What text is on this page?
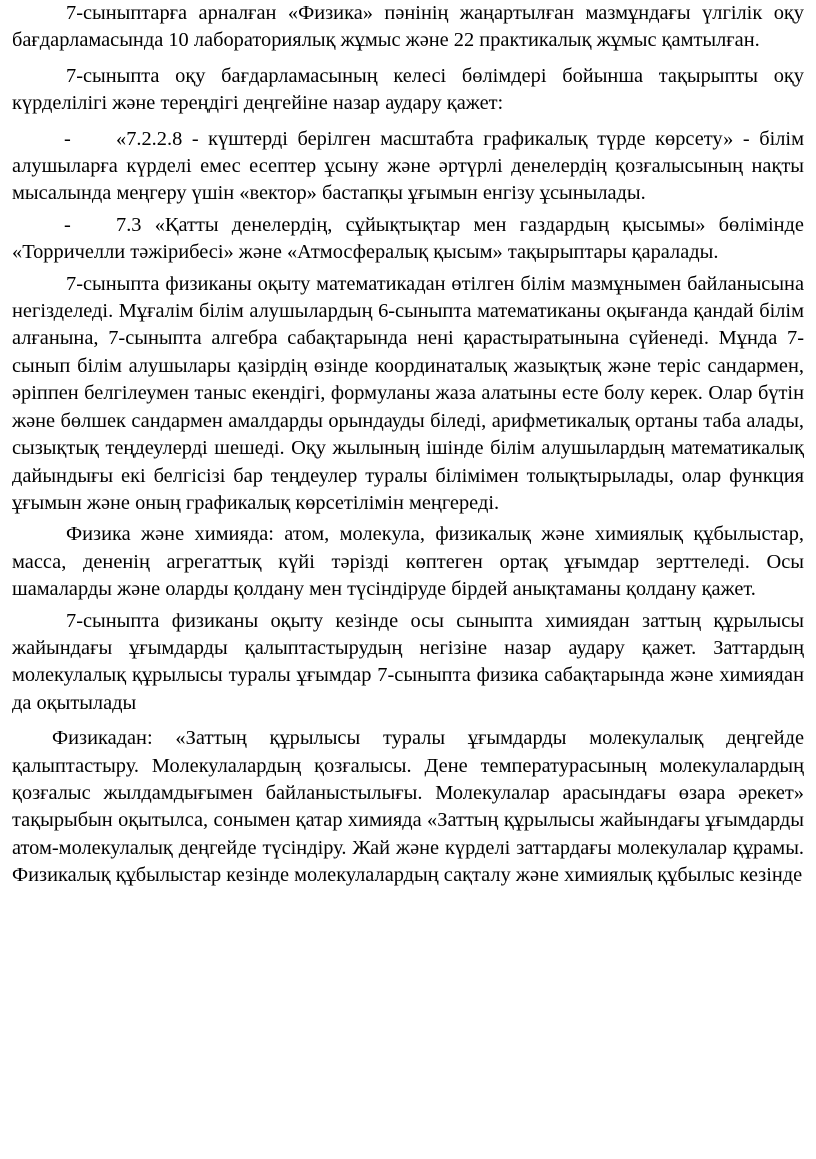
7-сыныптарға арналған «Физика» пәнінің жаңартылған мазмұндағы үлгілік оқу бағдарламасында 10 лабораториялық жұмыс және 22 практикалық жұмыс қамтылған.

7-сыныпта оқу бағдарламасының келесі бөлімдері бойынша тақырыпты оқу күрделілігі және тереңдігі деңгейіне назар аудару қажет:

- «7.2.2.8 - күштерді берілген масштабта графикалық түрде көрсету» - білім алушыларға күрделі емес есептер ұсыну және әртүрлі денелердің қозғалысының нақты мысалында меңгеру үшін «вектор» бастапқы ұғымын енгізу ұсынылады.

- 7.3 «Қатты денелердің, сұйықтықтар мен газдардың қысымы» бөлімінде «Торричелли тәжірибесі» және «Атмосфералық қысым» тақырыптары қаралады.

7-сыныпта физиканы оқыту математикадан өтілген білім мазмұнымен байланысына негізделеді. Мұғалім білім алушылардың 6-сыныпта математиканы оқығанда қандай білім алғанына, 7-сыныпта алгебра сабақтарында нені қарастыратынына сүйенеді. Мұнда 7-сынып білім алушылары қазірдің өзінде координаталық жазықтық және теріс сандармен, әріппен белгілеумен таныс екендігі, формуланы жаза алатыны есте болу керек. Олар бүтін және бөлшек сандармен амалдарды орындауды біледі, арифметикалық ортаны таба алады, сызықтық теңдеулерді шешеді. Оқу жылының ішінде білім алушылардың математикалық дайындығы екі белгісізі бар теңдеулер туралы білімімен толықтырылады, олар функция ұғымын және оның графикалық көрсетілімін меңгереді.

Физика және химияда: атом, молекула, физикалық және химиялық құбылыстар, масса, дененің агрегаттық күйі тәрізді көптеген ортақ ұғымдар зерттеледі. Осы шамаларды және оларды қолдану мен түсіндіруде бірдей анықтаманы қолдану қажет.

7-сыныпта физиканы оқыту кезінде осы сыныпта химиядан заттың құрылысы жайындағы ұғымдарды қалыптастырудың негізіне назар аудару қажет. Заттардың молекулалық құрылысы туралы ұғымдар 7-сыныпта физика сабақтарында және химиядан да оқытылады

Физикадан: «Заттың құрылысы туралы ұғымдарды молекулалық деңгейде қалыптастыру. Молекулалардың қозғалысы. Дене температурасының молекулалардың қозғалыс жылдамдығымен байланыстылығы. Молекулалар арасындағы өзара әрекет» тақырыбын оқытылса, сонымен қатар химияда «Заттың құрылысы жайындағы ұғымдарды атом-молекулалық деңгейде түсіндіру. Жай және күрделі заттардағы молекулалар құрамы. Физикалық құбылыстар кезінде молекулалардың сақталу және химиялық құбылыс кезінде
